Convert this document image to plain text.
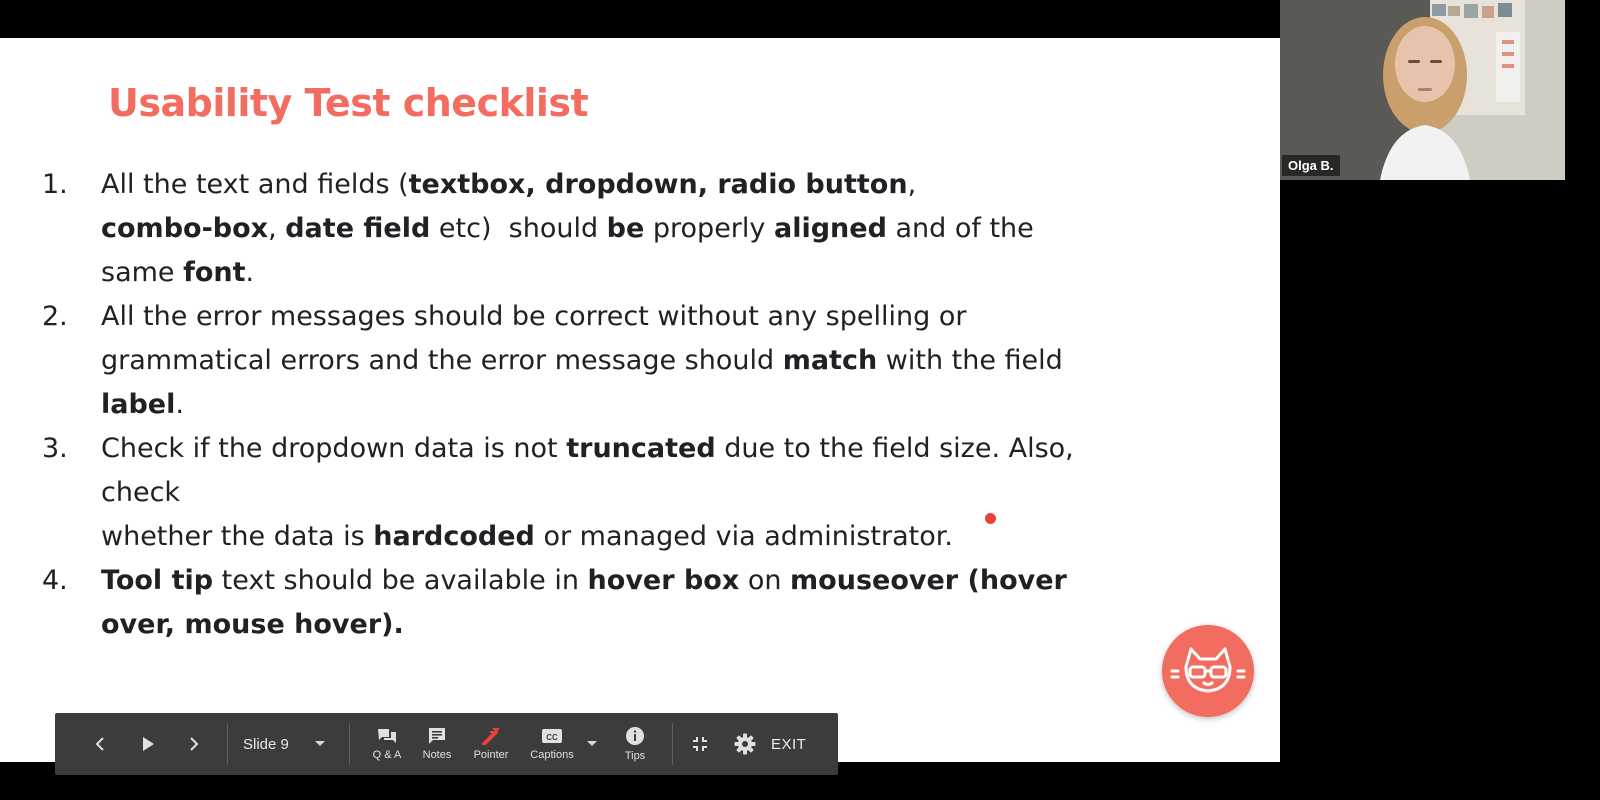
Usability Test checklist
1. All the text and fields (textbox, dropdown, radio button,
combo-box, date field etc)  should be properly aligned and of the
same font.
2. All the error messages should be correct without any spelling or
grammatical errors and the error message should match with the field
label.
3. Check if the dropdown data is not truncated due to the field size. Also,
check
whether the data is hardcoded or managed via administrator.
4. Tool tip text should be available in hover box on mouseover (hover
over, mouse hover).
Olga B.
Slide 9
Q & A Notes Pointer
CC
Captions	Tips
EXIT
